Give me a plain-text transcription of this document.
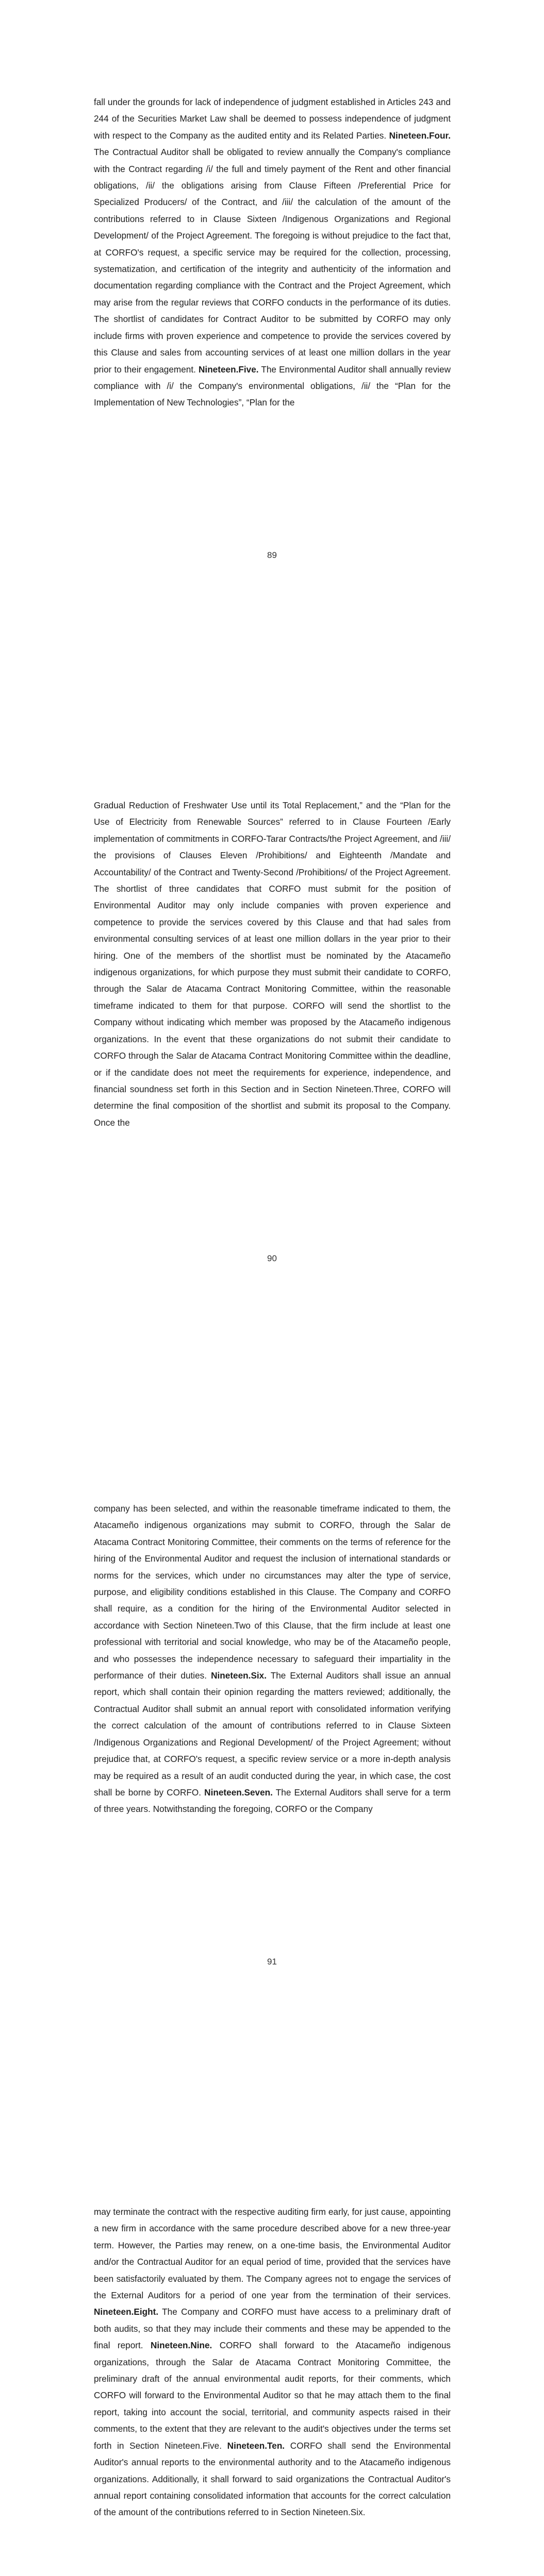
fall under the grounds for lack of independence of judgment established in Articles 243 and 244 of the Securities Market Law shall be deemed to possess independence of judgment with respect to the Company as the audited entity and its Related Parties. Nineteen.Four. The Contractual Auditor shall be obligated to review annually the Company's compliance with the Contract regarding /i/ the full and timely payment of the Rent and other financial obligations, /ii/ the obligations arising from Clause Fifteen /Preferential Price for Specialized Producers/ of the Contract, and /iii/ the calculation of the amount of the contributions referred to in Clause Sixteen /Indigenous Organizations and Regional Development/ of the Project Agreement. The foregoing is without prejudice to the fact that, at CORFO's request, a specific service may be required for the collection, processing, systematization, and certification of the integrity and authenticity of the information and documentation regarding compliance with the Contract and the Project Agreement, which may arise from the regular reviews that CORFO conducts in the performance of its duties. The shortlist of candidates for Contract Auditor to be submitted by CORFO may only include firms with proven experience and competence to provide the services covered by this Clause and sales from accounting services of at least one million dollars in the year prior to their engagement. Nineteen.Five. The Environmental Auditor shall annually review compliance with /i/ the Company's environmental obligations, /ii/ the “Plan for the Implementation of New Technologies”, “Plan for the

89

Gradual Reduction of Freshwater Use until its Total Replacement,” and the “Plan for the Use of Electricity from Renewable Sources” referred to in Clause Fourteen /Early implementation of commitments in CORFO-Tarar Contracts/the Project Agreement, and /iii/ the provisions of Clauses Eleven /Prohibitions/ and Eighteenth /Mandate and Accountability/ of the Contract and Twenty-Second /Prohibitions/ of the Project Agreement. The shortlist of three candidates that CORFO must submit for the position of Environmental Auditor may only include companies with proven experience and competence to provide the services covered by this Clause and that had sales from environmental consulting services of at least one million dollars in the year prior to their hiring. One of the members of the shortlist must be nominated by the Atacameño indigenous organizations, for which purpose they must submit their candidate to CORFO, through the Salar de Atacama Contract Monitoring Committee, within the reasonable timeframe indicated to them for that purpose. CORFO will send the shortlist to the Company without indicating which member was proposed by the Atacameño indigenous organizations. In the event that these organizations do not submit their candidate to CORFO through the Salar de Atacama Contract Monitoring Committee within the deadline, or if the candidate does not meet the requirements for experience, independence, and financial soundness set forth in this Section and in Section Nineteen.Three, CORFO will determine the final composition of the shortlist and submit its proposal to the Company. Once the

90

company has been selected, and within the reasonable timeframe indicated to them, the Atacameño indigenous organizations may submit to CORFO, through the Salar de Atacama Contract Monitoring Committee, their comments on the terms of reference for the hiring of the Environmental Auditor and request the inclusion of international standards or norms for the services, which under no circumstances may alter the type of service, purpose, and eligibility conditions established in this Clause. The Company and CORFO shall require, as a condition for the hiring of the Environmental Auditor selected in accordance with Section Nineteen.Two of this Clause, that the firm include at least one professional with territorial and social knowledge, who may be of the Atacameño people, and who possesses the independence necessary to safeguard their impartiality in the performance of their duties. Nineteen.Six. The External Auditors shall issue an annual report, which shall contain their opinion regarding the matters reviewed; additionally, the Contractual Auditor shall submit an annual report with consolidated information verifying the correct calculation of the amount of contributions referred to in Clause Sixteen /Indigenous Organizations and Regional Development/ of the Project Agreement; without prejudice that, at CORFO's request, a specific review service or a more in-depth analysis may be required as a result of an audit conducted during the year, in which case, the cost shall be borne by CORFO. Nineteen.Seven. The External Auditors shall serve for a term of three years. Notwithstanding the foregoing, CORFO or the Company

91

may terminate the contract with the respective auditing firm early, for just cause, appointing a new firm in accordance with the same procedure described above for a new three-year term. However, the Parties may renew, on a one-time basis, the Environmental Auditor and/or the Contractual Auditor for an equal period of time, provided that the services have been satisfactorily evaluated by them. The Company agrees not to engage the services of the External Auditors for a period of one year from the termination of their services. Nineteen.Eight. The Company and CORFO must have access to a preliminary draft of both audits, so that they may include their comments and these may be appended to the final report. Nineteen.Nine. CORFO shall forward to the Atacameño indigenous organizations, through the Salar de Atacama Contract Monitoring Committee, the preliminary draft of the annual environmental audit reports, for their comments, which CORFO will forward to the Environmental Auditor so that he may attach them to the final report, taking into account the social, territorial, and community aspects raised in their comments, to the extent that they are relevant to the audit's objectives under the terms set forth in Section Nineteen.Five. Nineteen.Ten. CORFO shall send the Environmental Auditor's annual reports to the environmental authority and to the Atacameño indigenous organizations. Additionally, it shall forward to said organizations the Contractual Auditor's annual report containing consolidated information that accounts for the correct calculation of the amount of the contributions referred to in Section Nineteen.Six.
